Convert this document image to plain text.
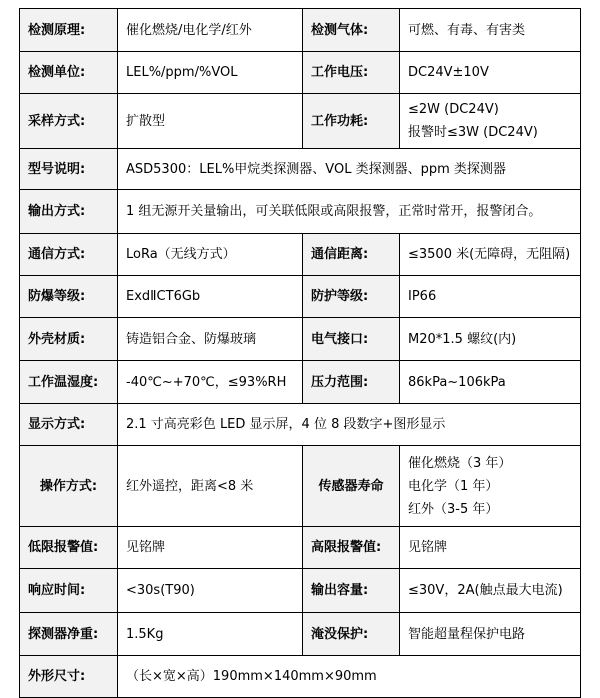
检测原理:	催化燃烧/电化学/红外	检测气体:	可燃、有毒、有害类
检测单位:	LEL%/ppm/%VOL	工作电压:	DC24V±10V
采样方式:	扩散型	工作功耗:	≤2W (DC24V)
报警时≤3W (DC24V)

型号说明:	ASD5300：LEL%甲烷类探测器、VOL 类探测器、ppm 类探测器		
输出方式:	1 组无源开关量输出，可关联低限或高限报警，正常时常开，报警闭合。		
通信方式:	LoRa（无线方式）	通信距离:	≤3500 米(无障碍，无阻隔)
防爆等级:	ExdⅡCT6Gb	防护等级:	IP66
外壳材质:	铸造铝合金、防爆玻璃	电气接口:	M20*1.5 螺纹(内)
工作温湿度:	-40℃~+70℃，≤93%RH	压力范围:	86kPa~106kPa
显示方式:	2.1 寸高亮彩色 LED 显示屏，4 位 8 段数字+图形显示		
操作方式:	红外遥控，距离<8 米	传感器寿命	催化燃烧（3 年）
电化学（1 年）
红外（3-5 年）

低限报警值:	见铭牌	高限报警值:	见铭牌
响应时间:	<30s(T90)	输出容量:	≤30V，2A(触点最大电流)
探测器净重:	1.5Kg	淹没保护:	智能超量程保护电路
外形尺寸:	（长×宽×高）190mm×140mm×90mm		
